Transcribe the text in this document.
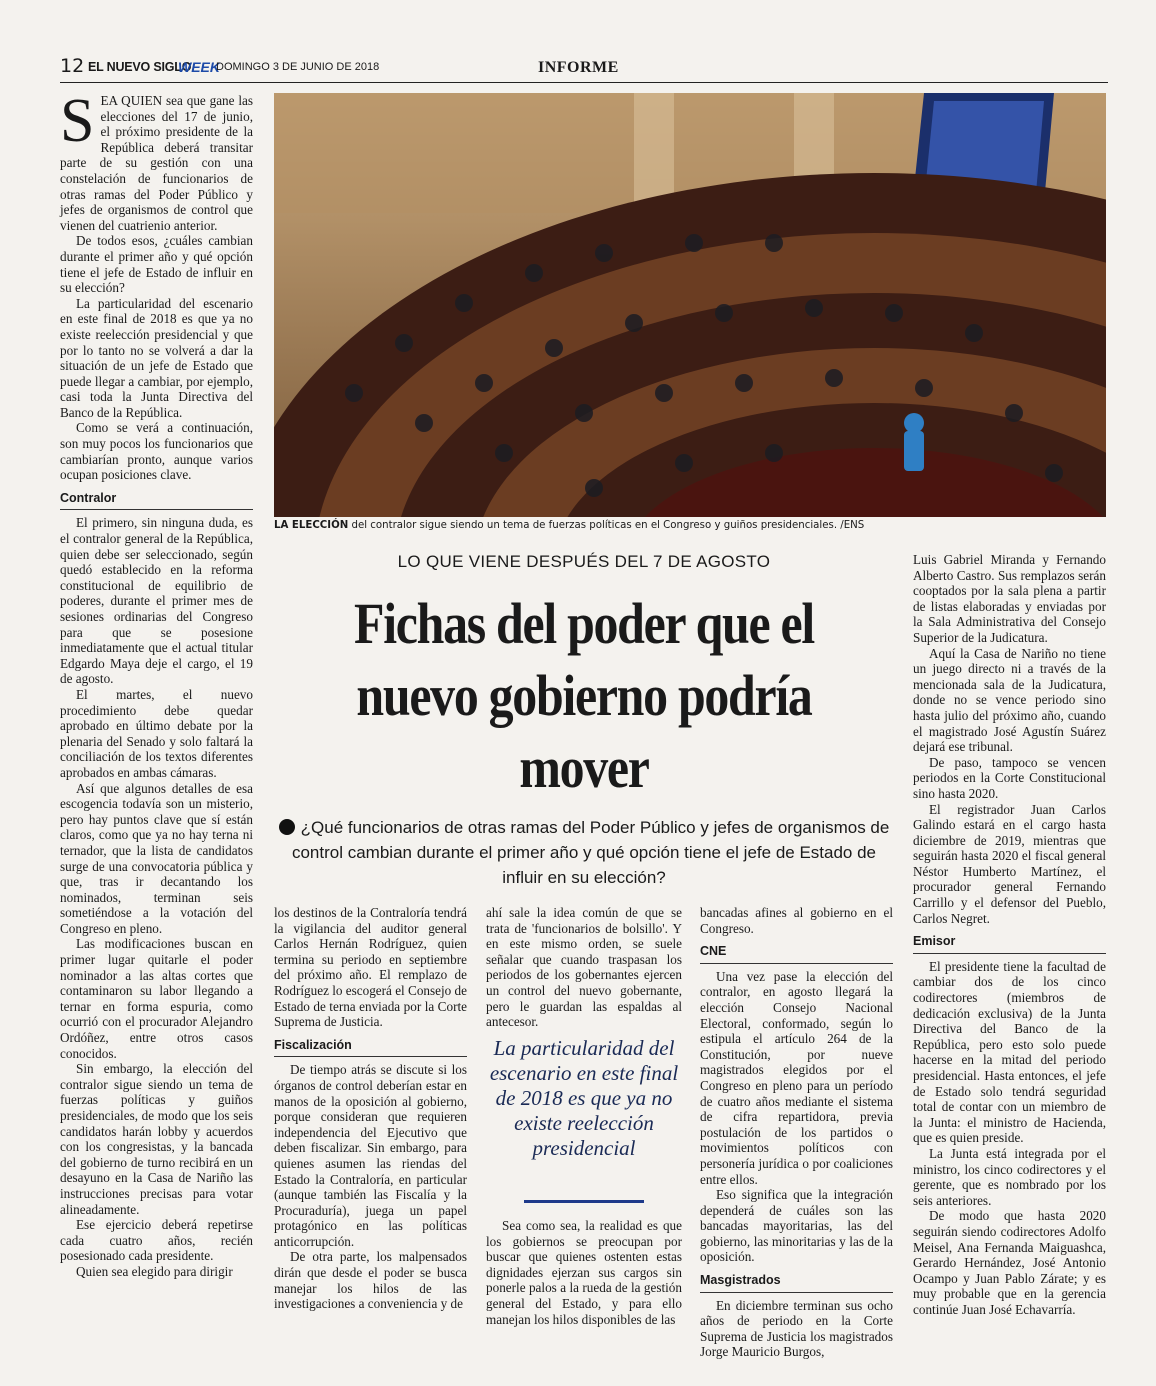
12 EL NUEVO SIGLO
WEEK
DOMINGO 3 DE JUNIO DE 2018	INFORME
LA ELECCIÓN del contralor sigue siendo un tema de fuerzas políticas en el Congreso y guiños presidenciales. /ENS
LO QUE VIENE DESPUÉS DEL 7 DE AGOSTO
Fichas del poder que el nuevo gobierno podría mover
¿Qué funcionarios de otras ramas del Poder Público y jefes de organismos de control cambian durante el primer año y qué opción tiene el jefe de Estado de influir en su elección?

SEA QUIEN sea que gane las elecciones del 17 de junio, el próximo presidente de la República deberá transitar parte de su gestión con una constelación de funcionarios de otras ramas del Poder Público y jefes de organismos de control que vienen del cuatrienio anterior.

De todos esos, ¿cuáles cambian durante el primer año y qué opción tiene el jefe de Estado de influir en su elección?

La particularidad del escenario en este final de 2018 es que ya no existe reelección presidencial y que por lo tanto no se volverá a dar la situación de un jefe de Estado que puede llegar a cambiar, por ejemplo, casi toda la Junta Directiva del Banco de la República.

Como se verá a continuación, son muy pocos los funcionarios que cambiarían pronto, aunque varios ocupan posiciones clave.

Contralor

El primero, sin ninguna duda, es el contralor general de la República, quien debe ser seleccionado, según quedó establecido en la reforma constitucional de equilibrio de poderes, durante el primer mes de sesiones ordinarias del Congreso para que se posesione inmediatamente que el actual titular Edgardo Maya deje el cargo, el 19 de agosto.

El martes, el nuevo procedimiento debe quedar aprobado en último debate por la plenaria del Senado y solo faltará la conciliación de los textos diferentes aprobados en ambas cámaras.

Así que algunos detalles de esa escogencia todavía son un misterio, pero hay puntos clave que sí están claros, como que ya no hay terna ni ternador, que la lista de candidatos surge de una convocatoria pública y que, tras ir decantando los nominados, terminan seis sometiéndose a la votación del Congreso en pleno.

Las modificaciones buscan en primer lugar quitarle el poder nominador a las altas cortes que contaminaron su labor llegando a ternar en forma espuria, como ocurrió con el procurador Alejandro Ordóñez, entre otros casos conocidos.

Sin embargo, la elección del contralor sigue siendo un tema de fuerzas políticas y guiños presidenciales, de modo que los seis candidatos harán lobby y acuerdos con los congresistas, y la bancada del gobierno de turno recibirá en un desayuno en la Casa de Nariño las instrucciones precisas para votar alineadamente.

Ese ejercicio deberá repetirse cada cuatro años, recién posesionado cada presidente.

Quien sea elegido para dirigir

los destinos de la Contraloría tendrá la vigilancia del auditor general Carlos Hernán Rodríguez, quien termina su periodo en septiembre del próximo año. El remplazo de Rodríguez lo escogerá el Consejo de Estado de terna enviada por la Corte Suprema de Justicia.

Fiscalización

De tiempo atrás se discute si los órganos de control deberían estar en manos de la oposición al gobierno, porque consideran que requieren independencia del Ejecutivo que deben fiscalizar. Sin embargo, para quienes asumen las riendas del Estado la Contraloría, en particular (aunque también las Fiscalía y la Procuraduría), juega un papel protagónico en las políticas anticorrupción.

De otra parte, los malpensados dirán que desde el poder se busca manejar los hilos de las investigaciones a conveniencia y de

ahí sale la idea común de que se trata de 'funcionarios de bolsillo'. Y en este mismo orden, se suele señalar que cuando traspasan los periodos de los gobernantes ejercen un control del nuevo gobernante, pero le guardan las espaldas al antecesor.

La particularidad del escenario en este final de 2018 es que ya no existe reelección presidencial

Sea como sea, la realidad es que los gobiernos se preocupan por buscar que quienes ostenten estas dignidades ejerzan sus cargos sin ponerle palos a la rueda de la gestión general del Estado, y para ello manejan los hilos disponibles de las

bancadas afines al gobierno en el Congreso.

CNE

Una vez pase la elección del contralor, en agosto llegará la elección Consejo Nacional Electoral, conformado, según lo estipula el artículo 264 de la Constitución, por nueve magistrados elegidos por el Congreso en pleno para un período de cuatro años mediante el sistema de cifra repartidora, previa postulación de los partidos o movimientos políticos con personería jurídica o por coaliciones entre ellos.

Eso significa que la integración dependerá de cuáles son las bancadas mayoritarias, las del gobierno, las minoritarias y las de la oposición.

Masgistrados

En diciembre terminan sus ocho años de periodo en la Corte Suprema de Justicia los magistrados Jorge Mauricio Burgos,

Luis Gabriel Miranda y Fernando Alberto Castro. Sus remplazos serán cooptados por la sala plena a partir de listas elaboradas y enviadas por la Sala Administrativa del Consejo Superior de la Judicatura.

Aquí la Casa de Nariño no tiene un juego directo ni a través de la mencionada sala de la Judicatura, donde no se vence periodo sino hasta julio del próximo año, cuando el magistrado José Agustín Suárez dejará ese tribunal.

De paso, tampoco se vencen periodos en la Corte Constitucional sino hasta 2020.

El registrador Juan Carlos Galindo estará en el cargo hasta diciembre de 2019, mientras que seguirán hasta 2020 el fiscal general Néstor Humberto Martínez, el procurador general Fernando Carrillo y el defensor del Pueblo, Carlos Negret.

Emisor

El presidente tiene la facultad de cambiar dos de los cinco codirectores (miembros de dedicación exclusiva) de la Junta Directiva del Banco de la República, pero esto solo puede hacerse en la mitad del periodo presidencial. Hasta entonces, el jefe de Estado solo tendrá seguridad total de contar con un miembro de la Junta: el ministro de Hacienda, que es quien preside.

La Junta está integrada por el ministro, los cinco codirectores y el gerente, que es nombrado por los seis anteriores.

De modo que hasta 2020 seguirán siendo codirectores Adolfo Meisel, Ana Fernanda Maiguashca, Gerardo Hernández, José Antonio Ocampo y Juan Pablo Zárate; y es muy probable que en la gerencia continúe Juan José Echavarría.
